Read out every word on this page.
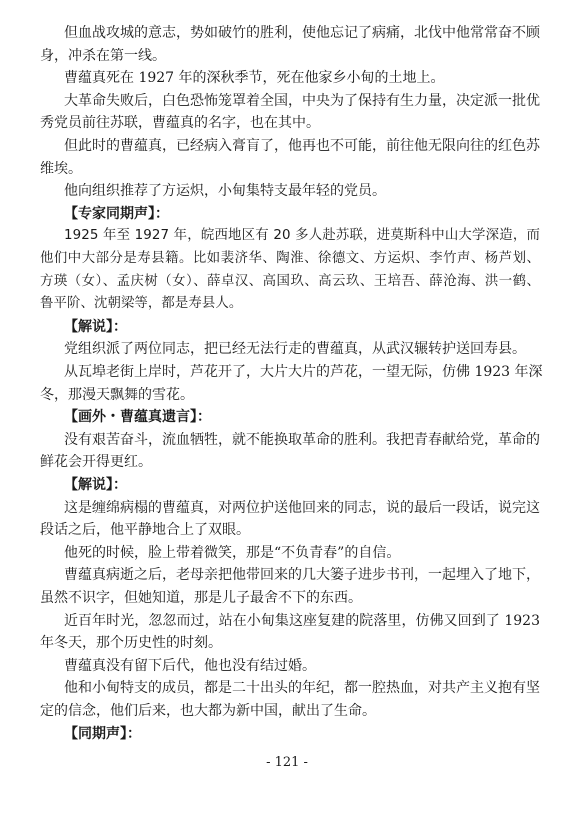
但血战攻城的意志，势如破竹的胜利，使他忘记了病痛，北伐中他常常奋不顾
身，冲杀在第一线。
曹蕴真死在 1927 年的深秋季节，死在他家乡小甸的土地上。
大革命失败后，白色恐怖笼罩着全国，中央为了保持有生力量，决定派一批优
秀党员前往苏联，曹蕴真的名字，也在其中。
但此时的曹蕴真，已经病入膏肓了，他再也不可能，前往他无限向往的红色苏
维埃。
他向组织推荐了方运炽，小甸集特支最年轻的党员。
【专家同期声】：
1925 年至 1927 年，皖西地区有 20 多人赴苏联，进莫斯科中山大学深造，而
他们中大部分是寿县籍。比如裴济华、陶淮、徐德文、方运炽、李竹声、杨芦划、
方瑛（女）、孟庆树（女）、薛卓汉、高国玖、高云玖、王培吾、薛沧海、洪一鹤、
鲁平阶、沈朝梁等，都是寿县人。
【解说】：
党组织派了两位同志，把已经无法行走的曹蕴真，从武汉辗转护送回寿县。
从瓦埠老街上岸时，芦花开了，大片大片的芦花，一望无际，仿佛 1923 年深
冬，那漫天飘舞的雪花。
【画外・曹蕴真遗言】：
没有艰苦奋斗，流血牺牲，就不能换取革命的胜利。我把青春献给党，革命的
鲜花会开得更红。
【解说】：
这是缠绵病榻的曹蕴真，对两位护送他回来的同志，说的最后一段话，说完这
段话之后，他平静地合上了双眼。
他死的时候，脸上带着微笑，那是“不负青春”的自信。
曹蕴真病逝之后，老母亲把他带回来的几大篓子进步书刊，一起埋入了地下，
虽然不识字，但她知道，那是儿子最舍不下的东西。
近百年时光，忽忽而过，站在小甸集这座复建的院落里，仿佛又回到了 1923
年冬天，那个历史性的时刻。
曹蕴真没有留下后代，他也没有结过婚。
他和小甸特支的成员，都是二十出头的年纪，都一腔热血，对共产主义抱有坚
定的信念，他们后来，也大都为新中国，献出了生命。
【同期声】：
- 121 -
